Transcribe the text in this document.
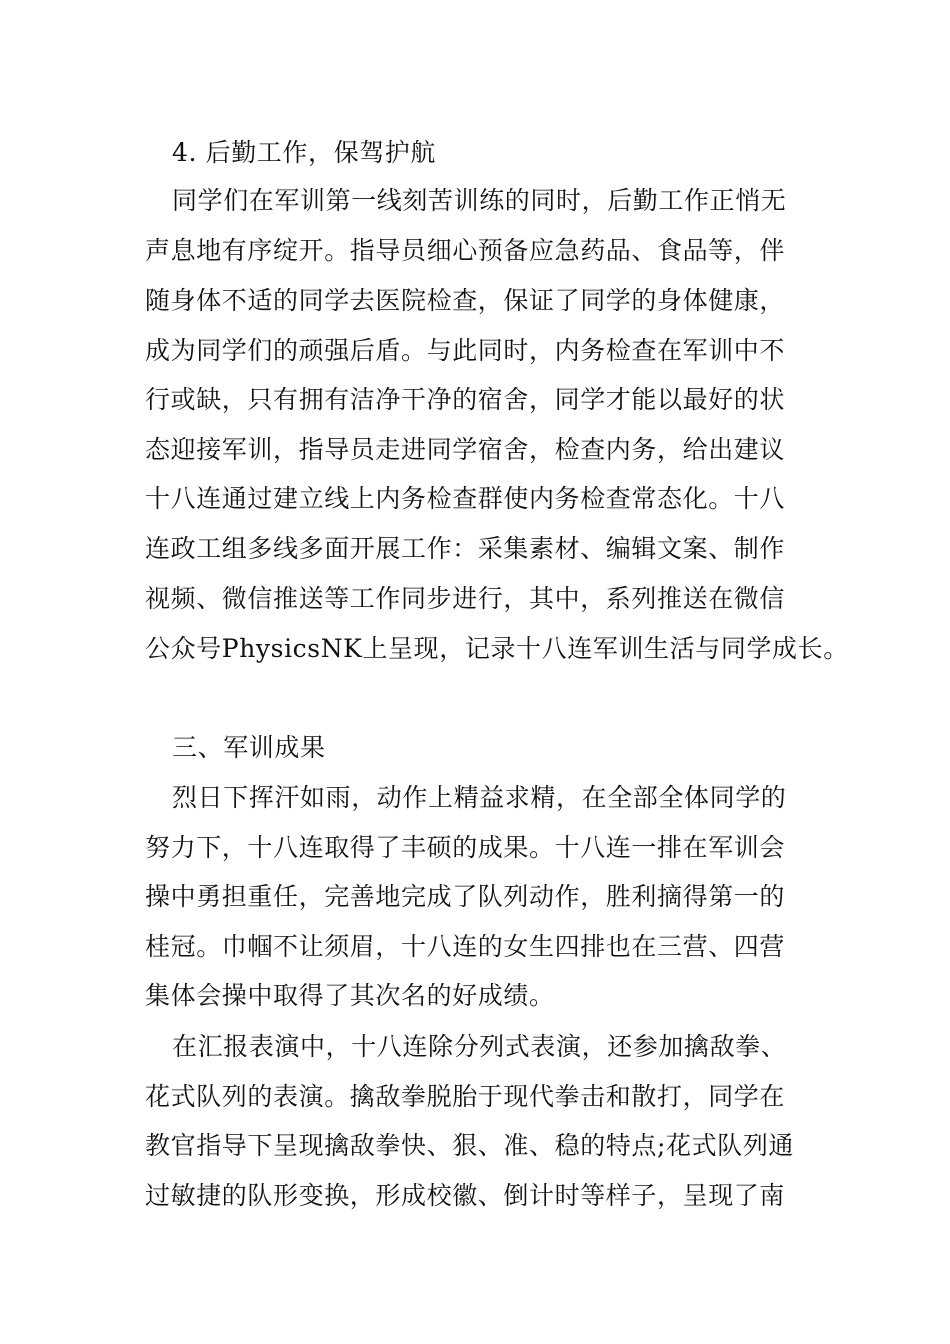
4. 后勤工作，保驾护航
同学们在军训第一线刻苦训练的同时，后勤工作正悄无
声息地有序绽开。指导员细心预备应急药品、食品等，伴
随身体不适的同学去医院检查，保证了同学的身体健康，
成为同学们的顽强后盾。与此同时，内务检查在军训中不
行或缺，只有拥有洁净干净的宿舍，同学才能以最好的状
态迎接军训，指导员走进同学宿舍，检查内务，给出建议
十八连通过建立线上内务检查群使内务检查常态化。十八
连政工组多线多面开展工作：采集素材、编辑文案、制作
视频、微信推送等工作同步进行，其中，系列推送在微信
公众号PhysicsNK上呈现，记录十八连军训生活与同学成长。
三、军训成果
烈日下挥汗如雨，动作上精益求精，在全部全体同学的
努力下，十八连取得了丰硕的成果。十八连一排在军训会
操中勇担重任，完善地完成了队列动作，胜利摘得第一的
桂冠。巾帼不让须眉，十八连的女生四排也在三营、四营
集体会操中取得了其次名的好成绩。
在汇报表演中，十八连除分列式表演，还参加擒敌拳、
花式队列的表演。擒敌拳脱胎于现代拳击和散打，同学在
教官指导下呈现擒敌拳快、狠、准、稳的特点;花式队列通
过敏捷的队形变换，形成校徽、倒计时等样子，呈现了南
